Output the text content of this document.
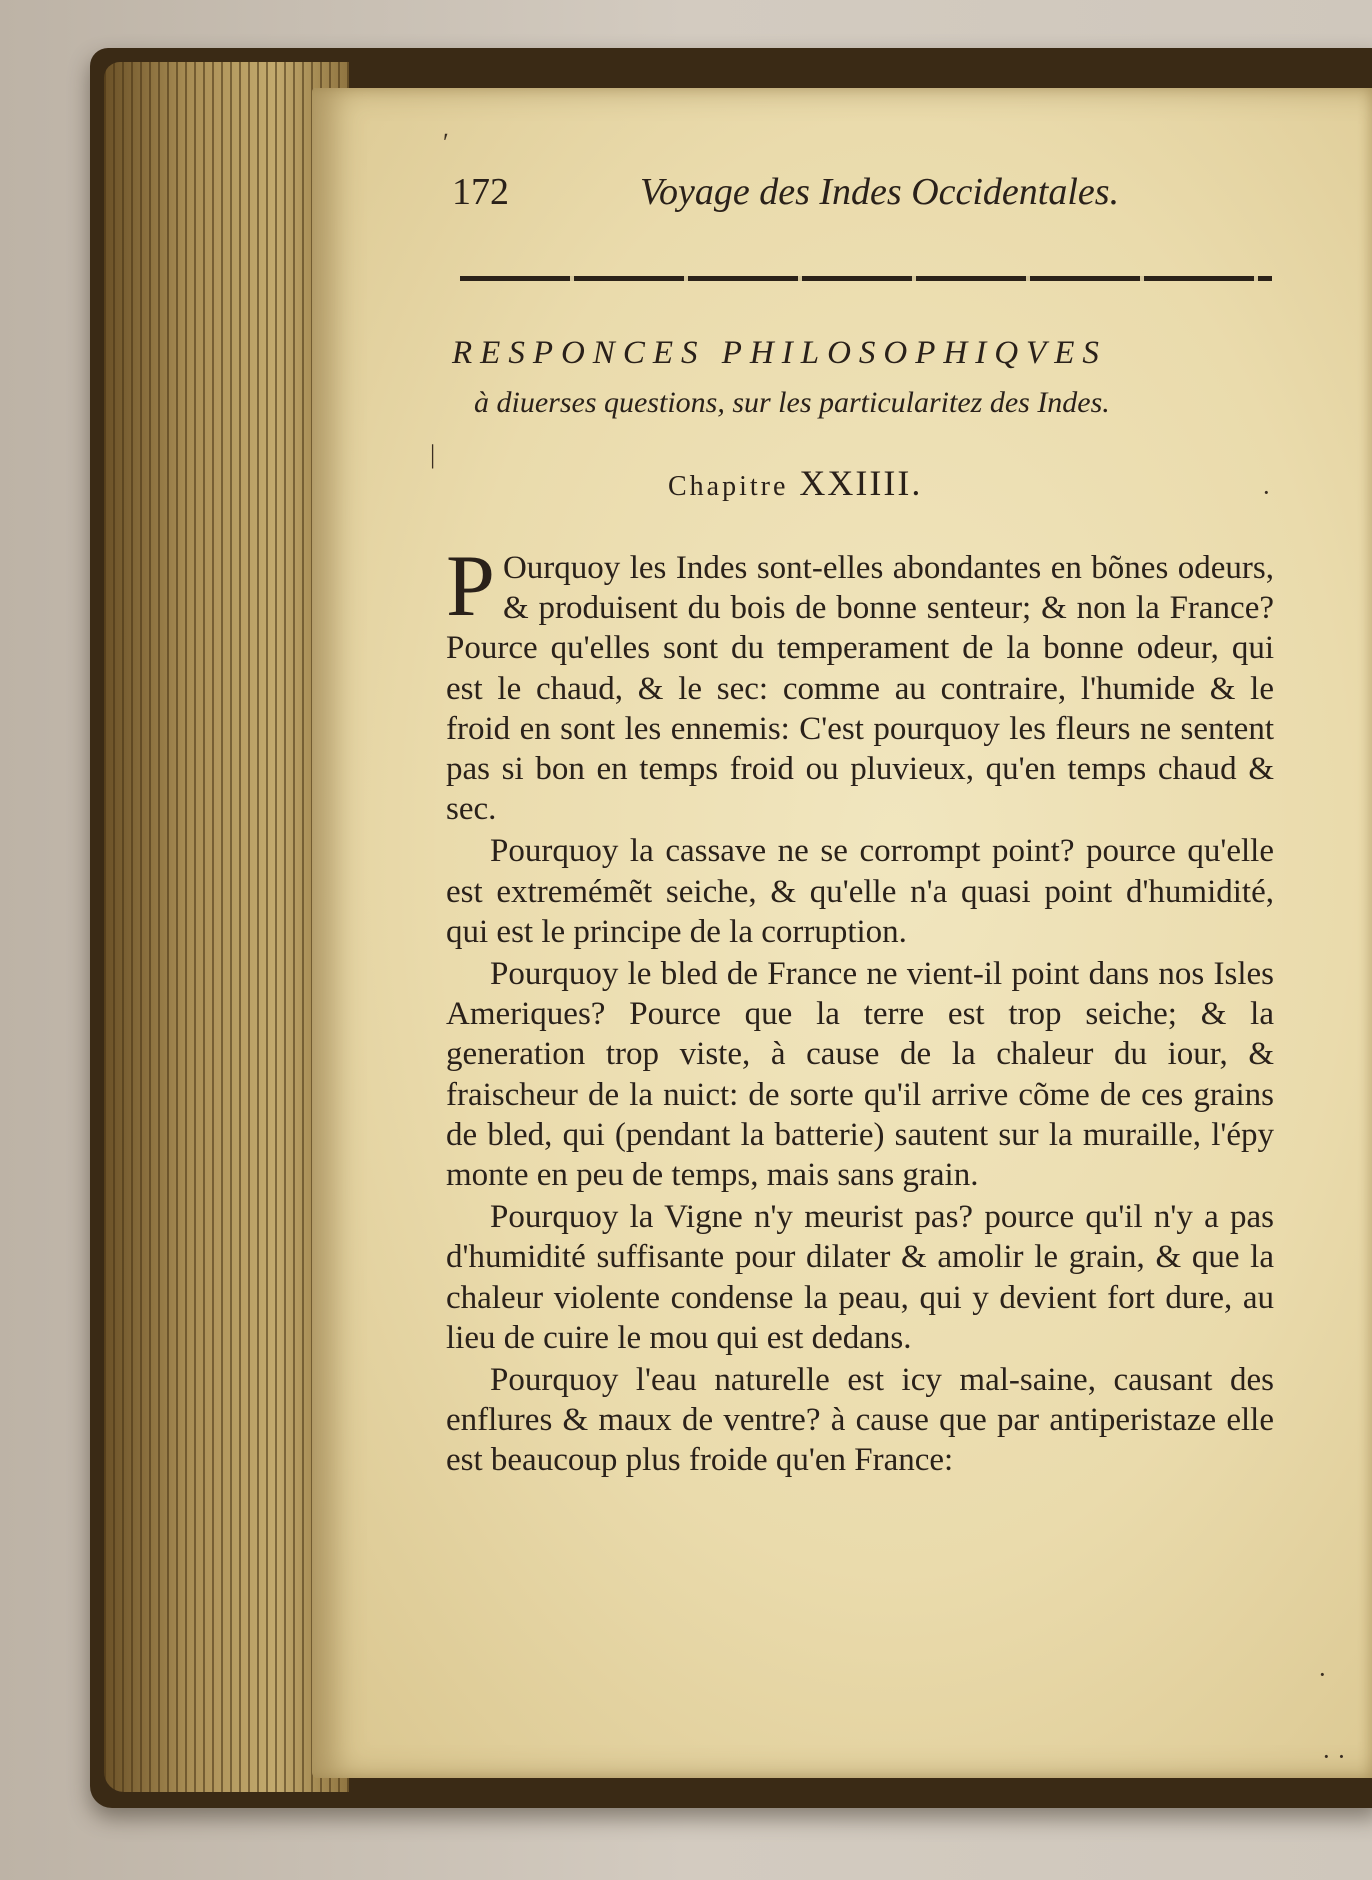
172	Voyage des Indes Occidentales.
RESPONCES PHILOSOPHIQVES
à diuerses questions, sur les particularitez des Indes.
Chapitre XXIIII.

P Ourquoy les Indes sont-elles abondantes en bõnes odeurs, & produisent du bois de bonne senteur; & non la France? Pource qu'elles sont du temperament de la bonne odeur, qui est le chaud, & le sec: comme au contraire, l'humide & le froid en sont les ennemis: C'est pourquoy les fleurs ne sentent pas si bon en temps froid ou pluvieux, qu'en temps chaud & sec.

Pourquoy la cassave ne se corrompt point? pource qu'elle est extremémẽt seiche, & qu'elle n'a quasi point d'humidité, qui est le principe de la corruption.

Pourquoy le bled de France ne vient-il point dans nos Isles Ameriques? Pource que la terre est trop seiche; & la generation trop viste, à cause de la chaleur du iour, & fraischeur de la nuict: de sorte qu'il arrive cõme de ces grains de bled, qui (pendant la batterie) sautent sur la muraille, l'épy monte en peu de temps, mais sans grain.

Pourquoy la Vigne n'y meurist pas? pource qu'il n'y a pas d'humidité suffisante pour dilater & amolir le grain, & que la chaleur violente condense la peau, qui y devient fort dure, au lieu de cuire le mou qui est dedans.

Pourquoy l'eau naturelle est icy mal-saine, causant des enflures & maux de ventre? à cause que par antiperistaze elle est beaucoup plus froide qu'en France:

ʹ
|
·
·
· ·
